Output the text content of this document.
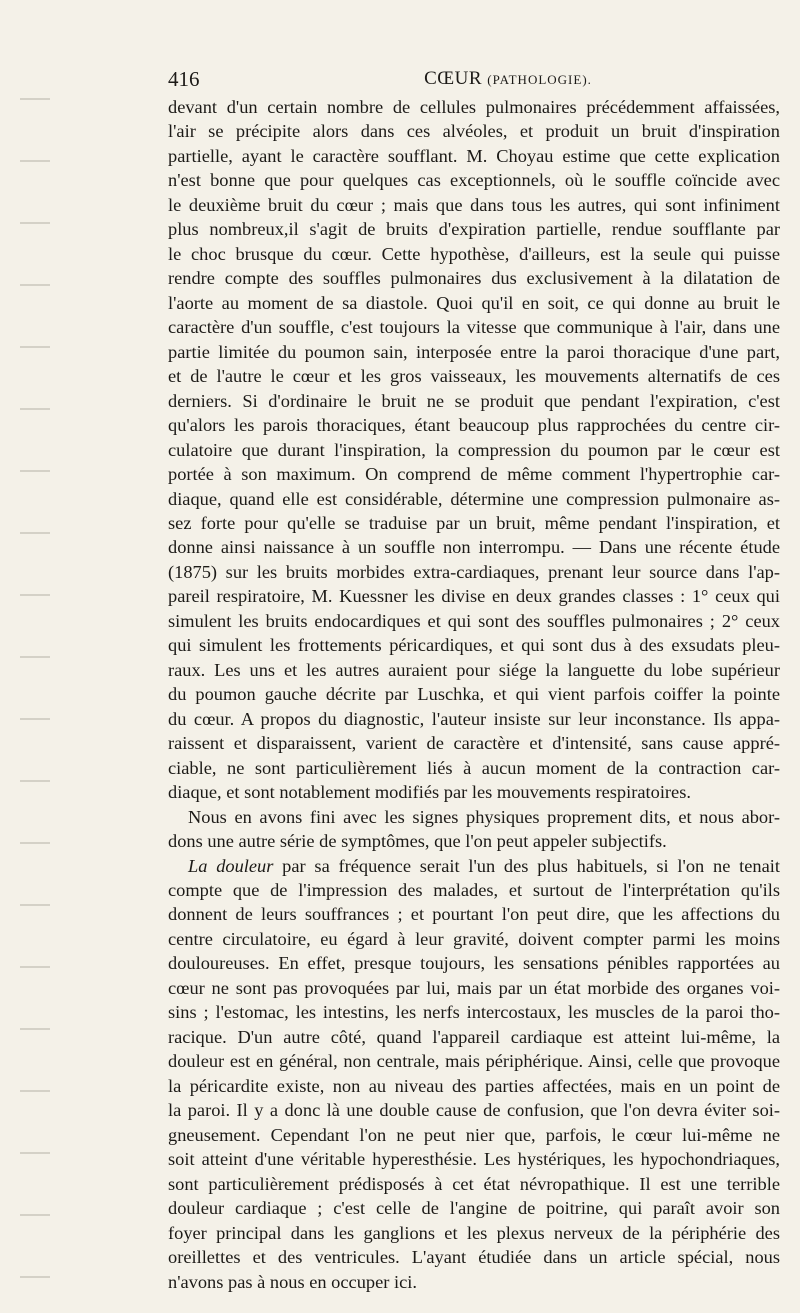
416	CŒUR (PATHOLOGIE).
devant d'un certain nombre de cellules pulmonaires précédemment affaissées,
l'air se précipite alors dans ces alvéoles, et produit un bruit d'inspiration
partielle, ayant le caractère soufflant. M. Choyau estime que cette explication
n'est bonne que pour quelques cas exceptionnels, où le souffle coïncide avec
le deuxième bruit du cœur ; mais que dans tous les autres, qui sont infiniment
plus nombreux,il s'agit de bruits d'expiration partielle, rendue soufflante par
le choc brusque du cœur. Cette hypothèse, d'ailleurs, est la seule qui puisse
rendre compte des souffles pulmonaires dus exclusivement à la dilatation de
l'aorte au moment de sa diastole. Quoi qu'il en soit, ce qui donne au bruit le
caractère d'un souffle, c'est toujours la vitesse que communique à l'air, dans une
partie limitée du poumon sain, interposée entre la paroi thoracique d'une part,
et de l'autre le cœur et les gros vaisseaux, les mouvements alternatifs de ces
derniers. Si d'ordinaire le bruit ne se produit que pendant l'expiration, c'est
qu'alors les parois thoraciques, étant beaucoup plus rapprochées du centre cir-
culatoire que durant l'inspiration, la compression du poumon par le cœur est
portée à son maximum. On comprend de même comment l'hypertrophie car-
diaque, quand elle est considérable, détermine une compression pulmonaire as-
sez forte pour qu'elle se traduise par un bruit, même pendant l'inspiration, et
donne ainsi naissance à un souffle non interrompu. — Dans une récente étude
(1875) sur les bruits morbides extra-cardiaques, prenant leur source dans l'ap-
pareil respiratoire, M. Kuessner les divise en deux grandes classes : 1° ceux qui
simulent les bruits endocardiques et qui sont des souffles pulmonaires ; 2° ceux
qui simulent les frottements péricardiques, et qui sont dus à des exsudats pleu-
raux. Les uns et les autres auraient pour siége la languette du lobe supérieur
du poumon gauche décrite par Luschka, et qui vient parfois coiffer la pointe
du cœur. A propos du diagnostic, l'auteur insiste sur leur inconstance. Ils appa-
raissent et disparaissent, varient de caractère et d'intensité, sans cause appré-
ciable, ne sont particulièrement liés à aucun moment de la contraction car-
diaque, et sont notablement modifiés par les mouvements respiratoires.
Nous en avons fini avec les signes physiques proprement dits, et nous abor-
dons une autre série de symptômes, que l'on peut appeler subjectifs.
La douleur par sa fréquence serait l'un des plus habituels, si l'on ne tenait
compte que de l'impression des malades, et surtout de l'interprétation qu'ils
donnent de leurs souffrances ; et pourtant l'on peut dire, que les affections du
centre circulatoire, eu égard à leur gravité, doivent compter parmi les moins
douloureuses. En effet, presque toujours, les sensations pénibles rapportées au
cœur ne sont pas provoquées par lui, mais par un état morbide des organes voi-
sins ; l'estomac, les intestins, les nerfs intercostaux, les muscles de la paroi tho-
racique. D'un autre côté, quand l'appareil cardiaque est atteint lui-même, la
douleur est en général, non centrale, mais périphérique. Ainsi, celle que provoque
la péricardite existe, non au niveau des parties affectées, mais en un point de
la paroi. Il y a donc là une double cause de confusion, que l'on devra éviter soi-
gneusement. Cependant l'on ne peut nier que, parfois, le cœur lui-même ne
soit atteint d'une véritable hyperesthésie. Les hystériques, les hypochondriaques,
sont particulièrement prédisposés à cet état névropathique. Il est une terrible
douleur cardiaque ; c'est celle de l'angine de poitrine, qui paraît avoir son
foyer principal dans les ganglions et les plexus nerveux de la périphérie des
oreillettes et des ventricules. L'ayant étudiée dans un article spécial, nous
n'avons pas à nous en occuper ici.
